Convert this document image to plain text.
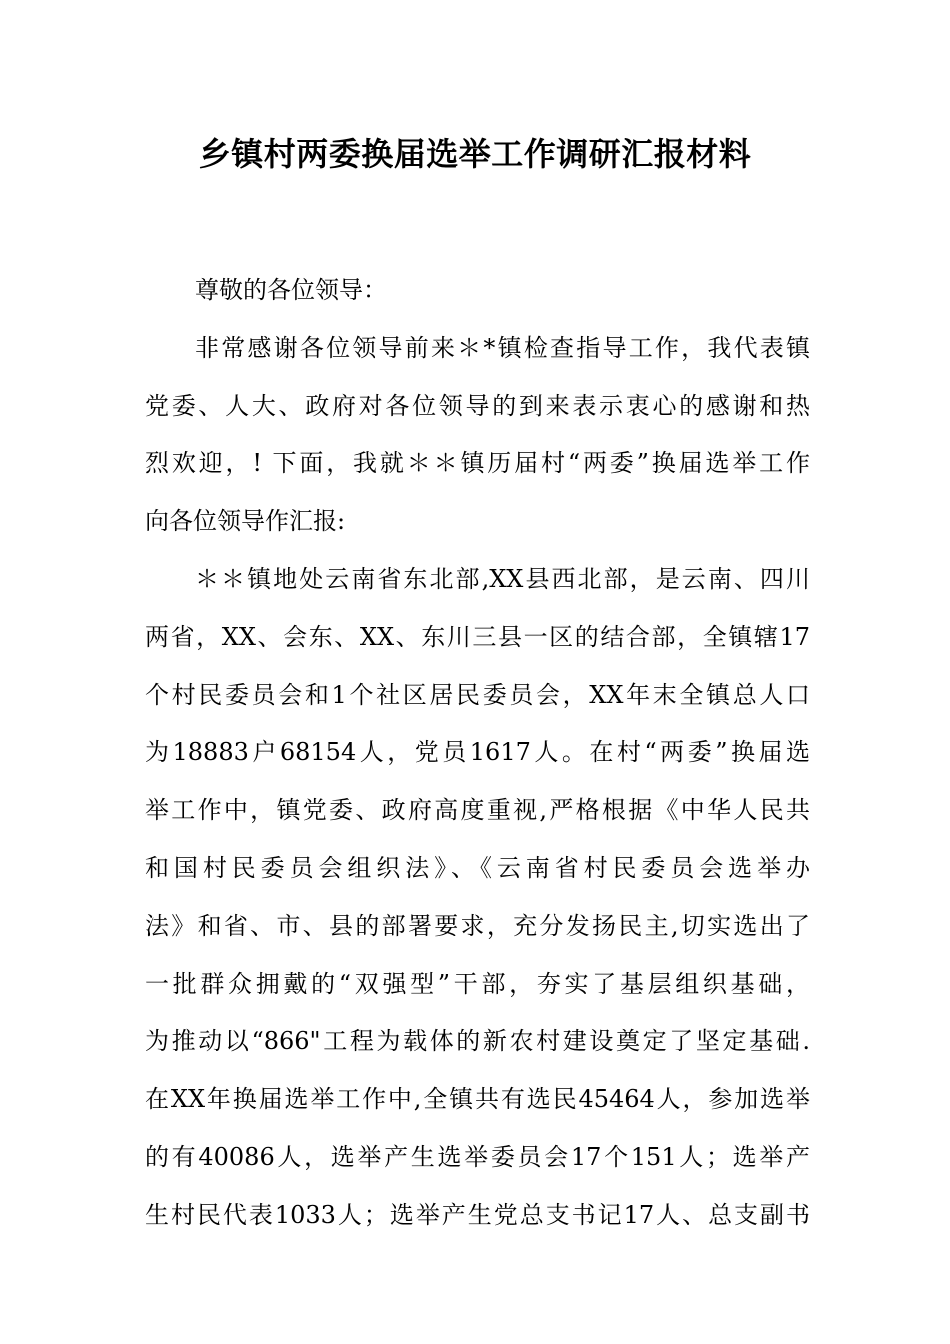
乡镇村两委换届选举工作调研汇报材料
尊敬的各位领导：
非常感谢各位领导前来＊*镇检查指导工作，我代表镇
党委、人大、政府对各位领导的到来表示衷心的感谢和热
烈欢迎，! 下面，我就＊＊镇历届村“两委”换届选举工作
向各位领导作汇报:
＊＊镇地处云南省东北部,XX县西北部，是云南、四川
两省，XX、会东、XX、东川三县一区的结合部，全镇辖17
个村民委员会和1个社区居民委员会，XX年末全镇总人口
为18883户68154人，党员1617人。在村“两委”换届选
举工作中，镇党委、政府高度重视,严格根据《中华人民共
和国村民委员会组织法》、《云南省村民委员会选举办
法》和省、市、县的部署要求，充分发扬民主,切实选出了
一批群众拥戴的“双强型”干部，夯实了基层组织基础，
为推动以“866"工程为载体的新农村建设奠定了坚定基础.
在XX年换届选举工作中,全镇共有选民45464人，参加选举
的有40086人，选举产生选举委员会17个151人；选举产
生村民代表1033人；选举产生党总支书记17人、总支副书
